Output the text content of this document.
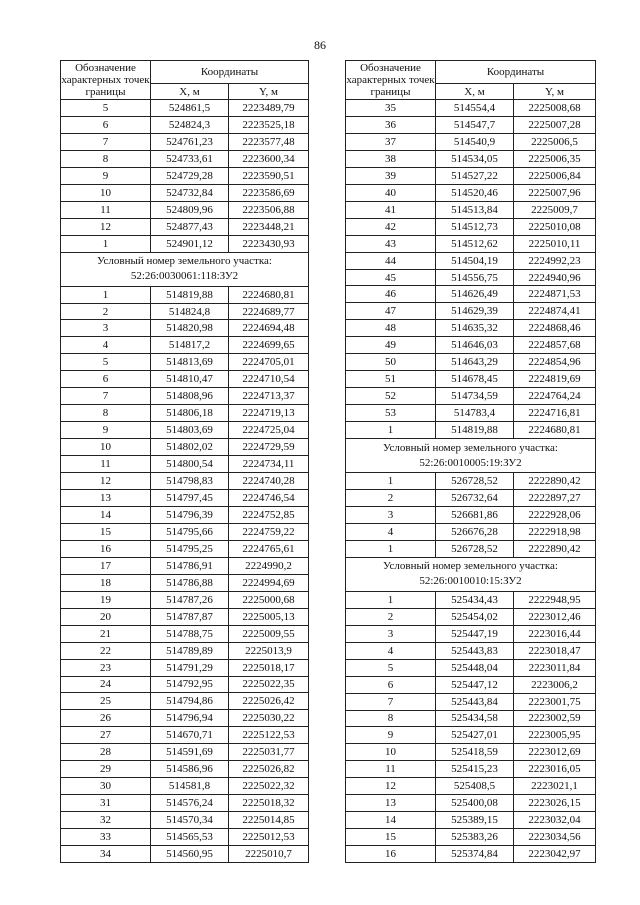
86
Обозначение характерных точек границы	Координаты	
	X, м	Y, м
5	524861,5	2223489,79
6	524824,3	2223525,18
7	524761,23	2223577,48
8	524733,61	2223600,34
9	524729,28	2223590,51
10	524732,84	2223586,69
11	524809,96	2223506,88
12	524877,43	2223448,21
1	524901,12	2223430,93
Условный номер земельного участка: 52:26:0030061:118:ЗУ2		
1	514819,88	2224680,81
2	514824,8	2224689,77
3	514820,98	2224694,48
4	514817,2	2224699,65
5	514813,69	2224705,01
6	514810,47	2224710,54
7	514808,96	2224713,37
8	514806,18	2224719,13
9	514803,69	2224725,04
10	514802,02	2224729,59
11	514800,54	2224734,11
12	514798,83	2224740,28
13	514797,45	2224746,54
14	514796,39	2224752,85
15	514795,66	2224759,22
16	514795,25	2224765,61
17	514786,91	2224990,2
18	514786,88	2224994,69
19	514787,26	2225000,68
20	514787,87	2225005,13
21	514788,75	2225009,55
22	514789,89	2225013,9
23	514791,29	2225018,17
24	514792,95	2225022,35
25	514794,86	2225026,42
26	514796,94	2225030,22
27	514670,71	2225122,53
28	514591,69	2225031,77
29	514586,96	2225026,82
30	514581,8	2225022,32
31	514576,24	2225018,32
32	514570,34	2225014,85
33	514565,53	2225012,53
34	514560,95	2225010,7
Обозначение характерных точек границы	Координаты	
	X, м	Y, м
35	514554,4	2225008,68
36	514547,7	2225007,28
37	514540,9	2225006,5
38	514534,05	2225006,35
39	514527,22	2225006,84
40	514520,46	2225007,96
41	514513,84	2225009,7
42	514512,73	2225010,08
43	514512,62	2225010,11
44	514504,19	2224992,23
45	514556,75	2224940,96
46	514626,49	2224871,53
47	514629,39	2224874,41
48	514635,32	2224868,46
49	514646,03	2224857,68
50	514643,29	2224854,96
51	514678,45	2224819,69
52	514734,59	2224764,24
53	514783,4	2224716,81
1	514819,88	2224680,81
Условный номер земельного участка: 52:26:0010005:19:ЗУ2		
1	526728,52	2222890,42
2	526732,64	2222897,27
3	526681,86	2222928,06
4	526676,28	2222918,98
1	526728,52	2222890,42
Условный номер земельного участка: 52:26:0010010:15:ЗУ2		
1	525434,43	2222948,95
2	525454,02	2223012,46
3	525447,19	2223016,44
4	525443,83	2223018,47
5	525448,04	2223011,84
6	525447,12	2223006,2
7	525443,84	2223001,75
8	525434,58	2223002,59
9	525427,01	2223005,95
10	525418,59	2223012,69
11	525415,23	2223016,05
12	525408,5	2223021,1
13	525400,08	2223026,15
14	525389,15	2223032,04
15	525383,26	2223034,56
16	525374,84	2223042,97
